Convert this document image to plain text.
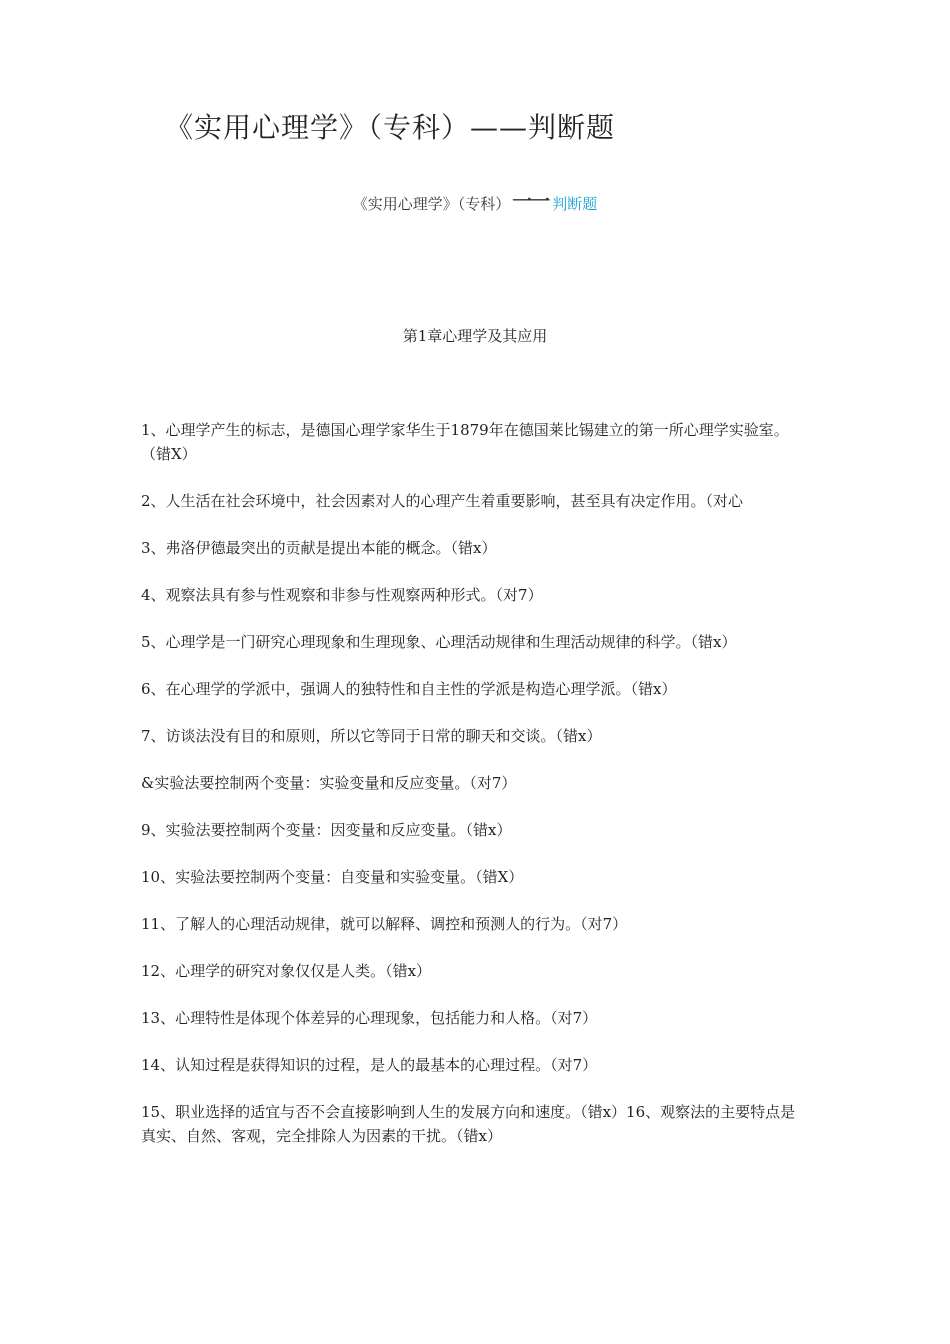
《实用心理学》（专科）——判断题
《实用心理学》（专科） 一一 判断题
第1章心理学及其应用
1、心理学产生的标志，是德国心理学家华生于1879年在德国莱比锡建立的第一所心理学实验室。（错X）
2、人生活在社会环境中，社会因素对人的心理产生着重要影响，甚至具有决定作用。（对心
3、弗洛伊德最突出的贡献是提出本能的概念。（错x）
4、观察法具有参与性观察和非参与性观察两种形式。（对7）
5、心理学是一门研究心理现象和生理现象、心理活动规律和生理活动规律的科学。（错x）
6、在心理学的学派中，强调人的独特性和自主性的学派是构造心理学派。（错x）
7、访谈法没有目的和原则，所以它等同于日常的聊天和交谈。（错x）
&实验法要控制两个变量：实验变量和反应变量。（对7）
9、实验法要控制两个变量：因变量和反应变量。（错x）
10、实验法要控制两个变量：自变量和实验变量。（错X）
11、了解人的心理活动规律，就可以解释、调控和预测人的行为。（对7）
12、心理学的研究对象仅仅是人类。（错x）
13、心理特性是体现个体差异的心理现象，包括能力和人格。（对7）
14、认知过程是获得知识的过程，是人的最基本的心理过程。（对7）
15、职业选择的适宜与否不会直接影响到人生的发展方向和速度。（错x）16、观察法的主要特点是真实、自然、客观，完全排除人为因素的干扰。（错x）
